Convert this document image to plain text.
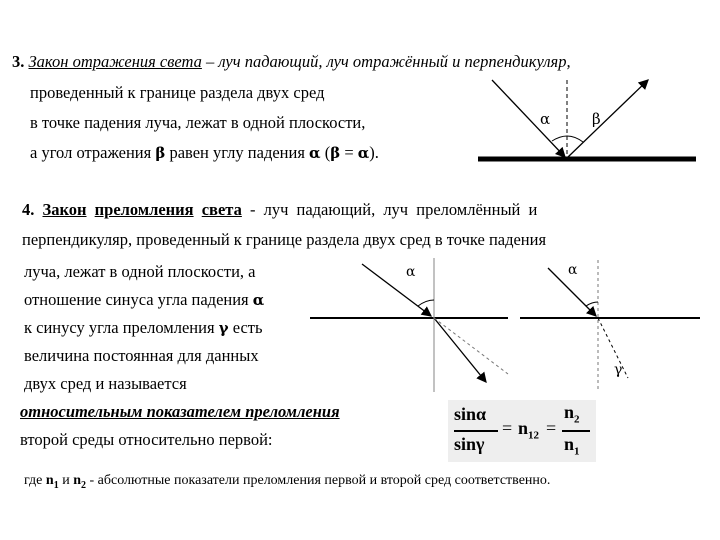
3. Закон отражения света – луч падающий, луч отражённый и перпендикуляр,
проведенный к границе раздела двух сред
в точке падения луча, лежат в одной плоскости,
а угол отражения β равен углу падения α (β = α).
α	β
4. Закон преломления света - луч падающий, луч преломлённый и
перпендикуляр, проведенный к границе раздела двух сред в точке падения
луча, лежат в одной плоскости, а
отношение синуса угла падения α
к синусу угла преломления γ есть
величина постоянная для данных
двух сред и называется
относительным показателем преломления
второй среды относительно первой:
α	α
γ
sinα
sinγ
= $n_{12}$ =
$n_2$
$n_1$
где $n_1$ и $n_2$ - абсолютные показатели преломления первой и второй сред соответственно.
